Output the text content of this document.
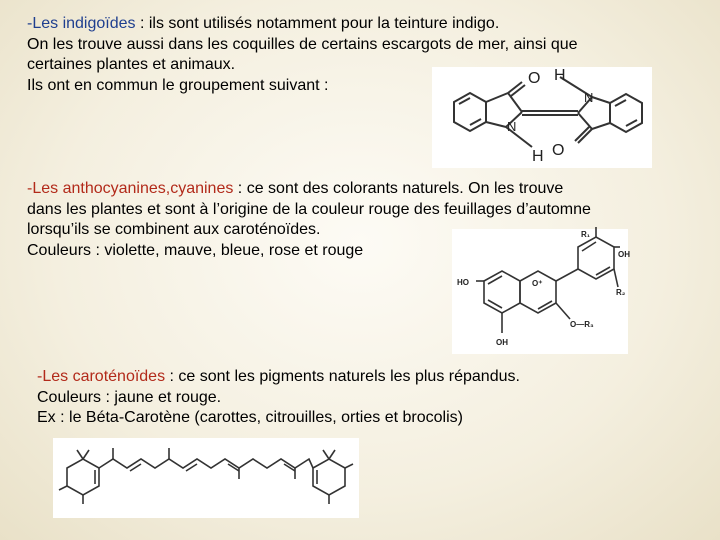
-Les indigoïdes : ils sont utilisés notamment pour la teinture indigo.

On les trouve aussi dans les coquilles de certains escargots de mer, ainsi que

certaines plantes et animaux.

Ils ont en commun le groupement suivant :	O H
N
N
H O

-Les anthocyanines,cyanines : ce sont des colorants naturels. On les trouve

dans les plantes et sont à l’origine de la couleur rouge des feuillages d’automne

lorsqu’ils se combinent aux caroténoïdes.

Couleurs : violette, mauve, bleue, rose et rouge

R₁
OH
HO	O⁺
R₂
O—R₃
OH

-Les caroténoïdes : ce sont les pigments naturels les plus répandus.

Couleurs : jaune et rouge.

Ex : le Béta-Carotène (carottes, citrouilles, orties et brocolis)
